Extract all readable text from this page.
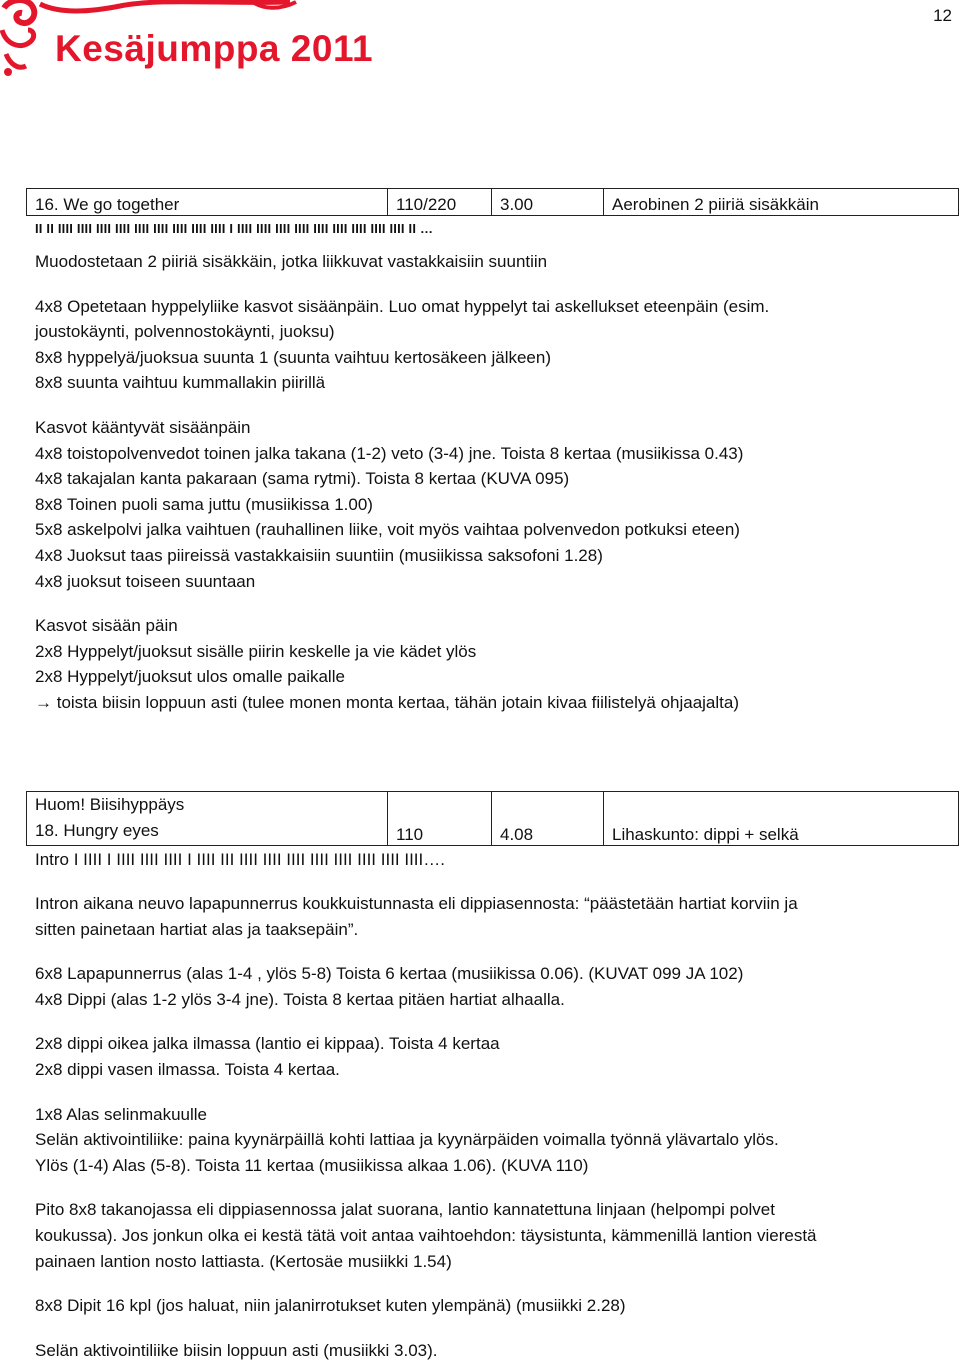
12
Kesäjumppa 2011
16. We go together	110/220	3.00	Aerobinen 2 piiriä sisäkkäin
II II IIII IIII IIII IIII IIII IIII IIII IIII IIII I IIII IIII IIII IIII IIII IIII IIII IIII IIII II …

Muodostetaan 2 piiriä sisäkkäin, jotka liikkuvat vastakkaisiin suuntiin

4x8 Opetetaan hyppelyliike kasvot sisäänpäin. Luo omat hyppelyt tai askellukset eteenpäin (esim.

joustokäynti, polvennostokäynti, juoksu)

8x8 hyppelyä/juoksua suunta 1 (suunta vaihtuu kertosäkeen jälkeen)

8x8 suunta vaihtuu kummallakin piirillä

Kasvot kääntyvät sisäänpäin

4x8 toistopolvenvedot toinen jalka takana (1-2) veto (3-4) jne. Toista 8 kertaa (musiikissa 0.43)

4x8 takajalan kanta pakaraan (sama rytmi). Toista 8 kertaa (KUVA 095)

8x8 Toinen puoli sama juttu (musiikissa 1.00)

5x8 askelpolvi jalka vaihtuen (rauhallinen liike, voit myös vaihtaa polvenvedon potkuksi eteen)

4x8 Juoksut taas piireissä vastakkaisiin suuntiin (musiikissa saksofoni 1.28)

4x8 juoksut toiseen suuntaan

Kasvot sisään päin

2x8 Hyppelyt/juoksut sisälle piirin keskelle ja vie kädet ylös

2x8 Hyppelyt/juoksut ulos omalle paikalle

→ toista biisin loppuun asti (tulee monen monta kertaa, tähän jotain kivaa fiilistelyä ohjaajalta)

Huom! Biisihyppäys
18. Hungry eyes	110	4.08	Lihaskunto: dippi + selkä
Intro I IIII I IIII IIII IIII I IIII III IIII IIII IIII IIII IIII IIII IIII IIII….

Intron aikana neuvo lapapunnerrus koukkuistunnasta eli dippiasennosta: “päästetään hartiat korviin ja

sitten painetaan hartiat alas ja taaksepäin”.

6x8 Lapapunnerrus (alas 1-4 , ylös 5-8) Toista 6 kertaa (musiikissa 0.06). (KUVAT 099 JA 102)

4x8 Dippi (alas 1-2 ylös 3-4 jne). Toista 8 kertaa pitäen hartiat alhaalla.

2x8 dippi oikea jalka ilmassa (lantio ei kippaa). Toista 4 kertaa

2x8 dippi vasen ilmassa. Toista 4 kertaa.

1x8 Alas selinmakuulle

Selän aktivointiliike: paina kyynärpäillä kohti lattiaa ja kyynärpäiden voimalla työnnä ylävartalo ylös.

Ylös (1-4) Alas (5-8). Toista 11 kertaa (musiikissa alkaa 1.06). (KUVA 110)

Pito 8x8 takanojassa eli dippiasennossa jalat suorana, lantio kannatettuna linjaan (helpompi polvet

koukussa). Jos jonkun olka ei kestä tätä voit antaa vaihtoehdon: täysistunta, kämmenillä lantion vierestä

painaen lantion nosto lattiasta. (Kertosäe musiikki 1.54)

8x8 Dipit 16 kpl (jos haluat, niin jalanirrotukset kuten ylempänä) (musiikki 2.28)

Selän aktivointiliike biisin loppuun asti (musiikki 3.03).
